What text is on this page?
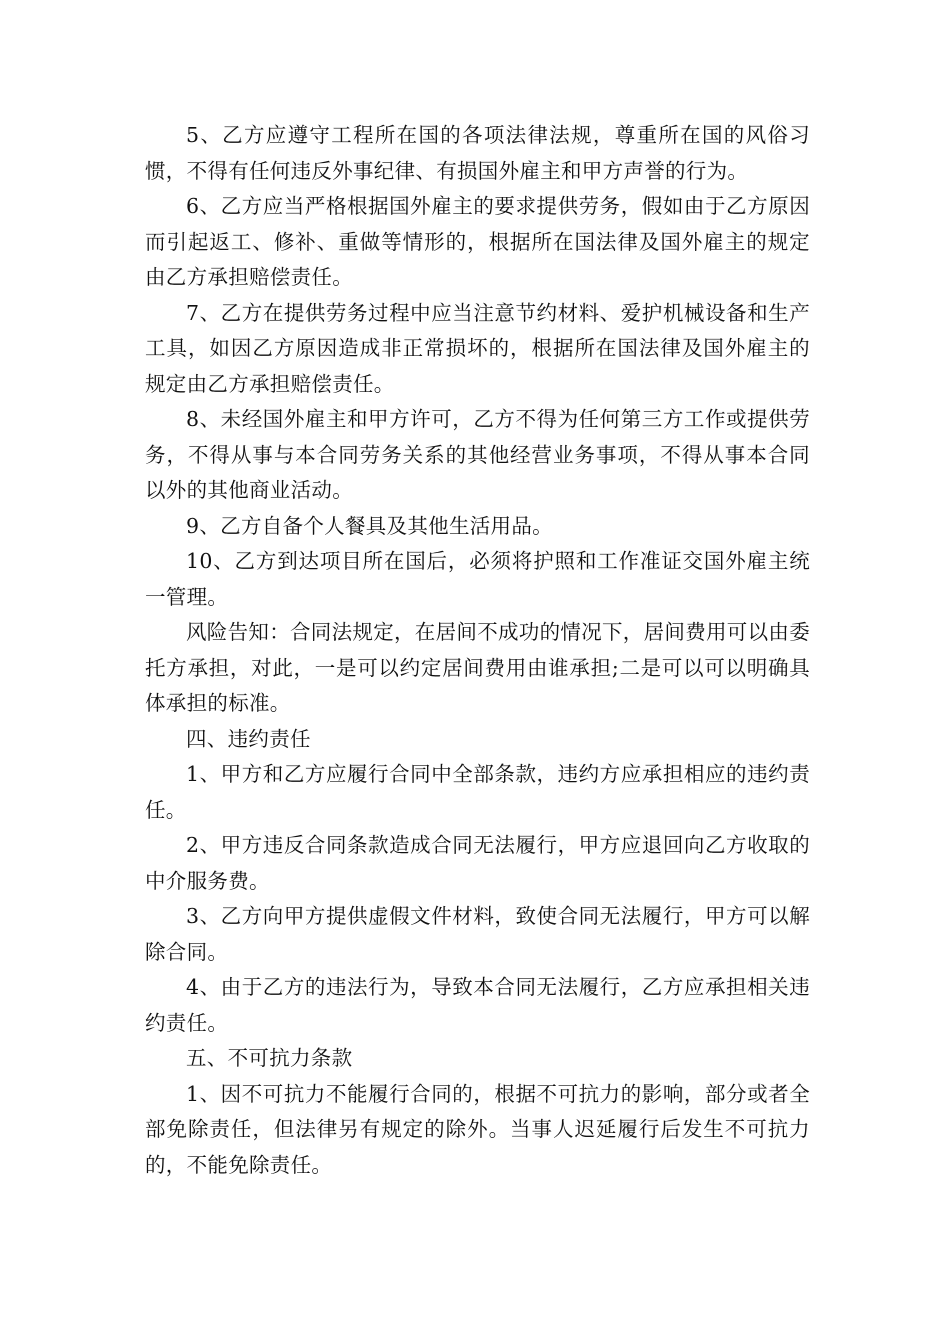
5、乙方应遵守工程所在国的各项法律法规，尊重所在国的风俗习惯，不得有任何违反外事纪律、有损国外雇主和甲方声誉的行为。

6、乙方应当严格根据国外雇主的要求提供劳务，假如由于乙方原因而引起返工、修补、重做等情形的，根据所在国法律及国外雇主的规定由乙方承担赔偿责任。

7、乙方在提供劳务过程中应当注意节约材料、爱护机械设备和生产工具，如因乙方原因造成非正常损坏的，根据所在国法律及国外雇主的规定由乙方承担赔偿责任。

8、未经国外雇主和甲方许可，乙方不得为任何第三方工作或提供劳务，不得从事与本合同劳务关系的其他经营业务事项，不得从事本合同以外的其他商业活动。

9、乙方自备个人餐具及其他生活用品。

10、乙方到达项目所在国后，必须将护照和工作准证交国外雇主统一管理。

风险告知：合同法规定，在居间不成功的情况下，居间费用可以由委托方承担，对此，一是可以约定居间费用由谁承担;二是可以可以明确具体承担的标准。

四、违约责任

1、甲方和乙方应履行合同中全部条款，违约方应承担相应的违约责任。

2、甲方违反合同条款造成合同无法履行，甲方应退回向乙方收取的中介服务费。

3、乙方向甲方提供虚假文件材料，致使合同无法履行，甲方可以解除合同。

4、由于乙方的违法行为，导致本合同无法履行，乙方应承担相关违约责任。

五、不可抗力条款

1、因不可抗力不能履行合同的，根据不可抗力的影响，部分或者全部免除责任，但法律另有规定的除外。当事人迟延履行后发生不可抗力的，不能免除责任。
